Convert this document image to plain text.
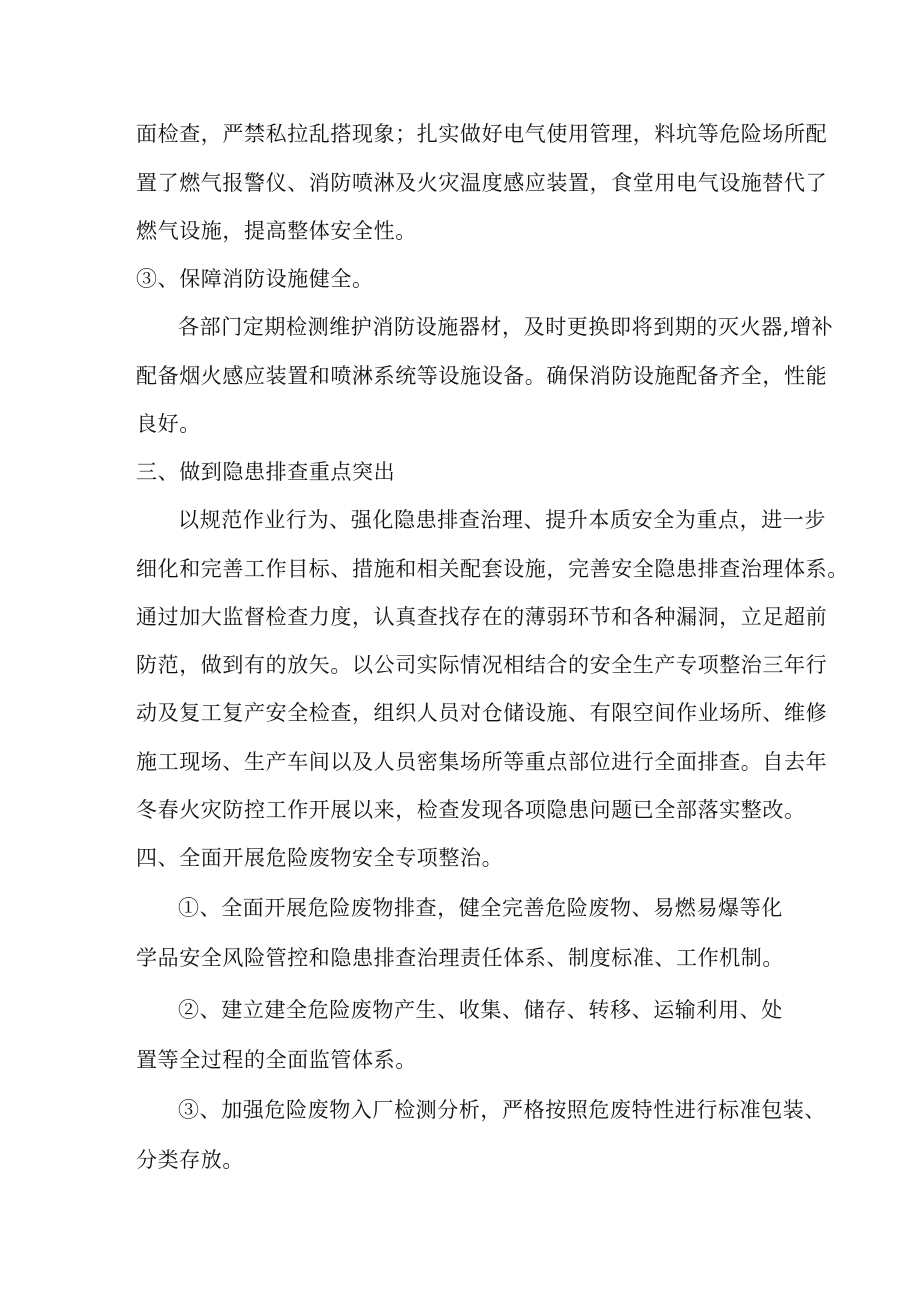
面检查，严禁私拉乱搭现象；扎实做好电气使用管理，料坑等危险场所配
置了燃气报警仪、消防喷淋及火灾温度感应装置，食堂用电气设施替代了
燃气设施，提高整体安全性。
③、保障消防设施健全。
各部门定期检测维护消防设施器材，及时更换即将到期的灭火器,增补
配备烟火感应装置和喷淋系统等设施设备。确保消防设施配备齐全，性能
良好。
三、做到隐患排查重点突出
以规范作业行为、强化隐患排查治理、提升本质安全为重点，进一步
细化和完善工作目标、措施和相关配套设施，完善安全隐患排查治理体系。
通过加大监督检查力度，认真查找存在的薄弱环节和各种漏洞，立足超前
防范，做到有的放矢。以公司实际情况相结合的安全生产专项整治三年行
动及复工复产安全检查，组织人员对仓储设施、有限空间作业场所、维修
施工现场、生产车间以及人员密集场所等重点部位进行全面排查。自去年
冬春火灾防控工作开展以来，检查发现各项隐患问题已全部落实整改。
四、全面开展危险废物安全专项整治。
①、全面开展危险废物排查，健全完善危险废物、易燃易爆等化
学品安全风险管控和隐患排查治理责任体系、制度标准、工作机制。
②、建立建全危险废物产生、收集、储存、转移、运输利用、处
置等全过程的全面监管体系。
③、加强危险废物入厂检测分析，严格按照危废特性进行标准包装、
分类存放。
